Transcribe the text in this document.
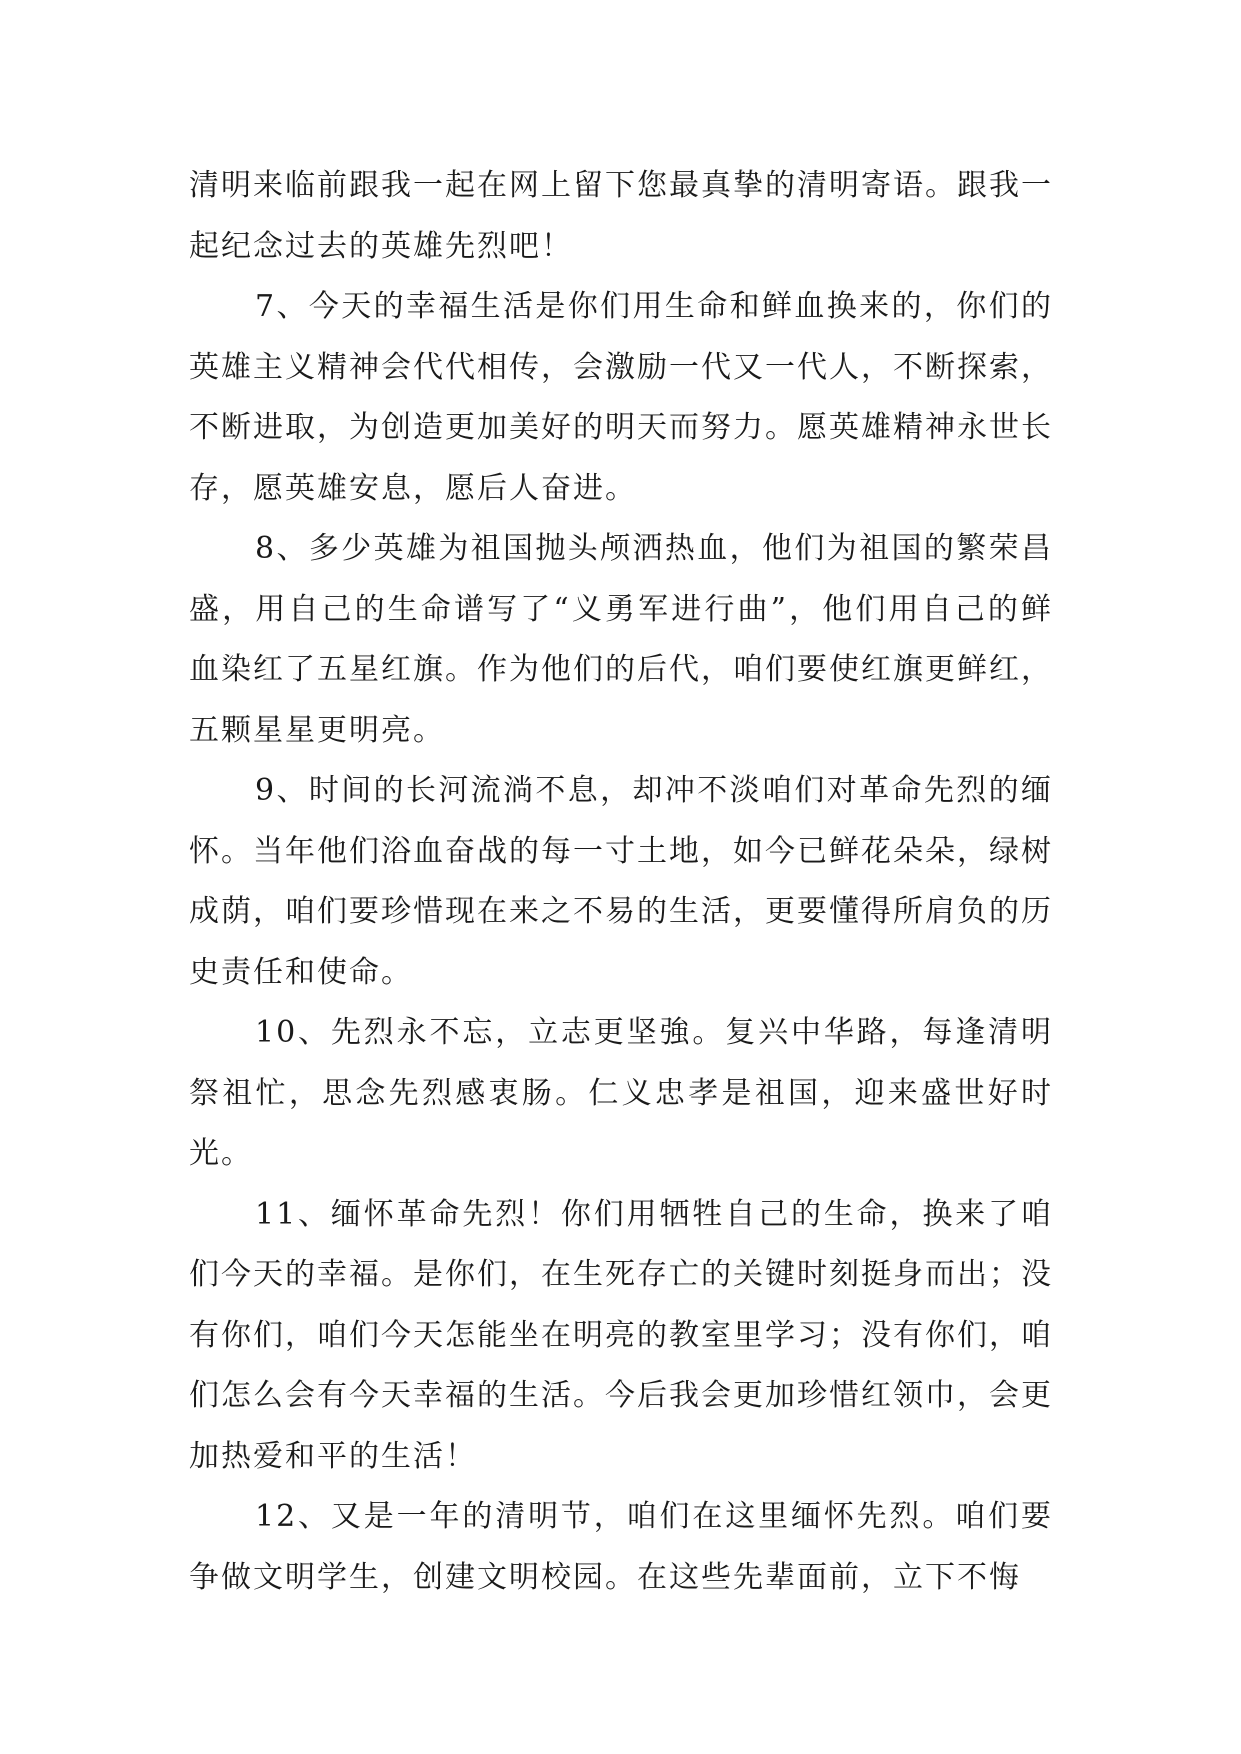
清明来临前跟我一起在网上留下您最真挚的清明寄语。跟我一起纪念过去的英雄先烈吧！

7、今天的幸福生活是你们用生命和鲜血换来的，你们的英雄主义精神会代代相传，会激励一代又一代人，不断探索，不断进取，为创造更加美好的明天而努力。愿英雄精神永世长存，愿英雄安息，愿后人奋进。

8、多少英雄为祖国抛头颅洒热血，他们为祖国的繁荣昌盛，用自己的生命谱写了“义勇军进行曲”，他们用自己的鲜血染红了五星红旗。作为他们的后代，咱们要使红旗更鲜红，五颗星星更明亮。

9、时间的长河流淌不息，却冲不淡咱们对革命先烈的缅怀。当年他们浴血奋战的每一寸土地，如今已鲜花朵朵，绿树成荫，咱们要珍惜现在来之不易的生活，更要懂得所肩负的历史责任和使命。

10、先烈永不忘，立志更坚強。复兴中华路，每逢清明祭祖忙，思念先烈感衷肠。仁义忠孝是祖国，迎来盛世好时光。

11、缅怀革命先烈！你们用牺牲自己的生命，换来了咱们今天的幸福。是你们，在生死存亡的关键时刻挺身而出；没有你们，咱们今天怎能坐在明亮的教室里学习；没有你们，咱们怎么会有今天幸福的生活。今后我会更加珍惜红领巾，会更加热爱和平的生活！

12、又是一年的清明节，咱们在这里缅怀先烈。咱们要争做文明学生，创建文明校园。在这些先辈面前，立下不悔
